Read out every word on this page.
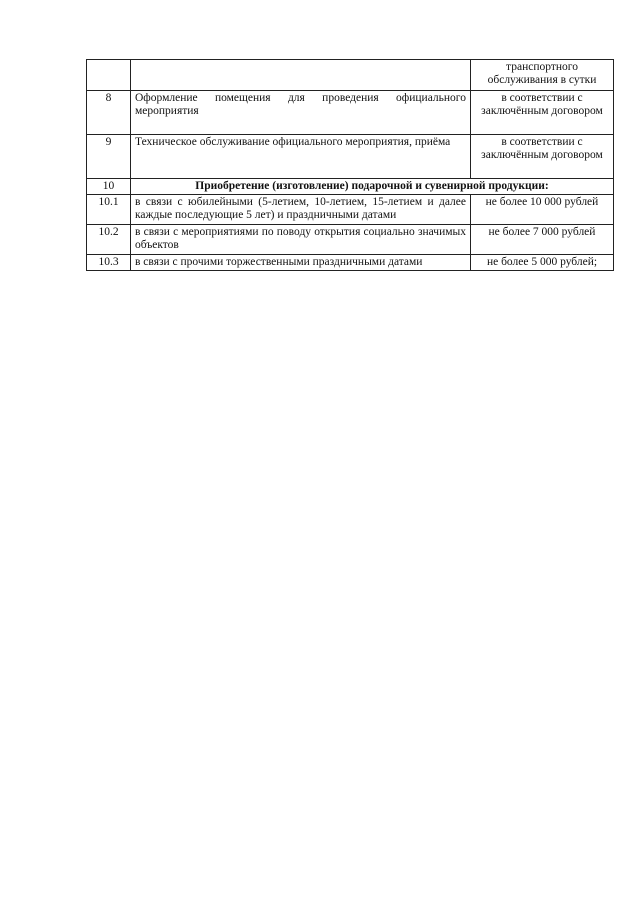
		транспортного обслуживания в сутки
8	Оформление помещения для проведения официального мероприятия	в соответствии с заключённым договором
9	Техническое обслуживание официального мероприятия, приёма	в соответствии с заключённым договором
10	Приобретение (изготовление) подарочной и сувенирной продукции:	
10.1	в связи с юбилейными (5-летием, 10-летием, 15-летием и далее каждые последующие 5 лет) и праздничными датами	не более 10 000 рублей
10.2	в связи с мероприятиями по поводу открытия социально значимых объектов	не более 7 000 рублей
10.3	в связи с прочими торжественными праздничными датами	не более 5 000 рублей;
